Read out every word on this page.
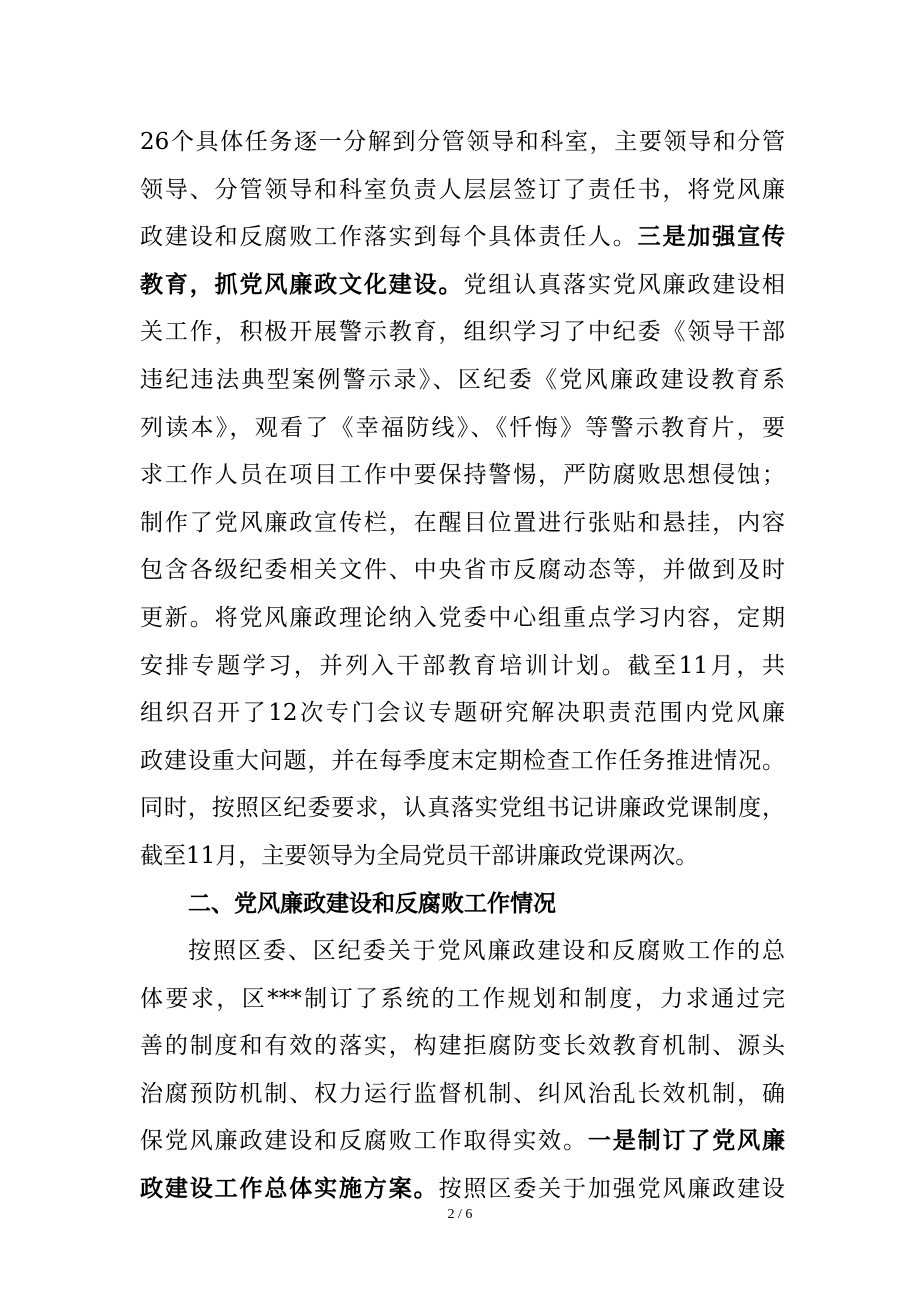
26个具体任务逐一分解到分管领导和科室，主要领导和分管
领导、分管领导和科室负责人层层签订了责任书，将党风廉
政建设和反腐败工作落实到每个具体责任人。三是加强宣传
教育，抓党风廉政文化建设。党组认真落实党风廉政建设相
关工作，积极开展警示教育，组织学习了中纪委《领导干部
违纪违法典型案例警示录》、区纪委《党风廉政建设教育系
列读本》，观看了《幸福防线》、《忏悔》等警示教育片，要
求工作人员在项目工作中要保持警惕，严防腐败思想侵蚀；
制作了党风廉政宣传栏，在醒目位置进行张贴和悬挂，内容
包含各级纪委相关文件、中央省市反腐动态等，并做到及时
更新。将党风廉政理论纳入党委中心组重点学习内容，定期
安排专题学习，并列入干部教育培训计划。截至11月，共
组织召开了12次专门会议专题研究解决职责范围内党风廉
政建设重大问题，并在每季度末定期检查工作任务推进情况。
同时，按照区纪委要求，认真落实党组书记讲廉政党课制度，
截至11月，主要领导为全局党员干部讲廉政党课两次。
二、党风廉政建设和反腐败工作情况
按照区委、区纪委关于党风廉政建设和反腐败工作的总
体要求，区***制订了系统的工作规划和制度，力求通过完
善的制度和有效的落实，构建拒腐防变长效教育机制、源头
治腐预防机制、权力运行监督机制、纠风治乱长效机制，确
保党风廉政建设和反腐败工作取得实效。一是制订了党风廉
政建设工作总体实施方案。按照区委关于加强党风廉政建设
2 / 6
